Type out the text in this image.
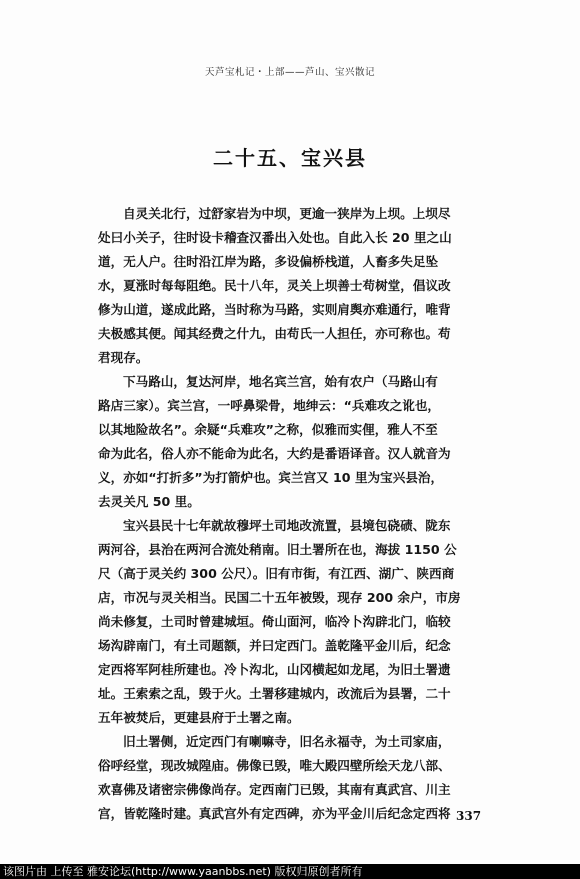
天芦宝札记・上部——芦山、宝兴散记
二十五、宝兴县
自灵关北行，过舒家岩为中坝，更逾一狭岸为上坝。上坝尽
处曰小关子，往时设卡稽查汉番出入处也。自此入长 20 里之山
道，无人户。往时沿江岸为路，多设偏桥栈道，人畜多失足坠
水，夏涨时每每阻绝。民十八年，灵关上坝善士苟树堂，倡议改
修为山道，遂成此路，当时称为马路，实则肩舆亦难通行，唯背
夫极感其便。闻其经费之什九，由苟氏一人担任，亦可称也。苟
君现存。
下马路山，复达河岸，地名宾兰宫，始有农户（马路山有
路店三家）。宾兰宫，一呼鼻梁骨，地绅云：“兵难攻之讹也，
以其地险故名”。余疑“兵难攻”之称，似雅而实俚，雅人不至
命为此名，俗人亦不能命为此名，大约是番语译音。汉人就音为
义，亦如“打折多”为打箭炉也。宾兰宫又 10 里为宝兴县治，
去灵关凡 50 里。
宝兴县民十七年就故穆坪土司地改流置，县境包硗碛、陇东
两河谷，县治在两河合流处稍南。旧土署所在也，海拔 1150 公
尺（高于灵关约 300 公尺）。旧有市街，有江西、湖广、陕西商
店，市况与灵关相当。民国二十五年被毁，现存 200 余户，市房
尚未修复，土司时曾建城垣。倚山面河，临冷卜沟辟北门，临较
场沟辟南门，有土司题额，并曰定西门。盖乾隆平金川后，纪念
定西将军阿桂所建也。冷卜沟北，山冈横起如龙尾，为旧土署遗
址。王索索之乱，毁于火。土署移建城内，改流后为县署，二十
五年被焚后，更建县府于土署之南。
旧土署侧，近定西门有喇嘛寺，旧名永福寺，为土司家庙，
俗呼经堂，现改城隍庙。佛像已毁，唯大殿四壁所绘天龙八部、
欢喜佛及诸密宗佛像尚存。定西南门已毁，其南有真武宫、川主
宫，皆乾隆时建。真武宫外有定西碑，亦为平金川后纪念定西将 337
该图片由 上传至 雅安论坛(http://www.yaanbbs.net) 版权归原创者所有
